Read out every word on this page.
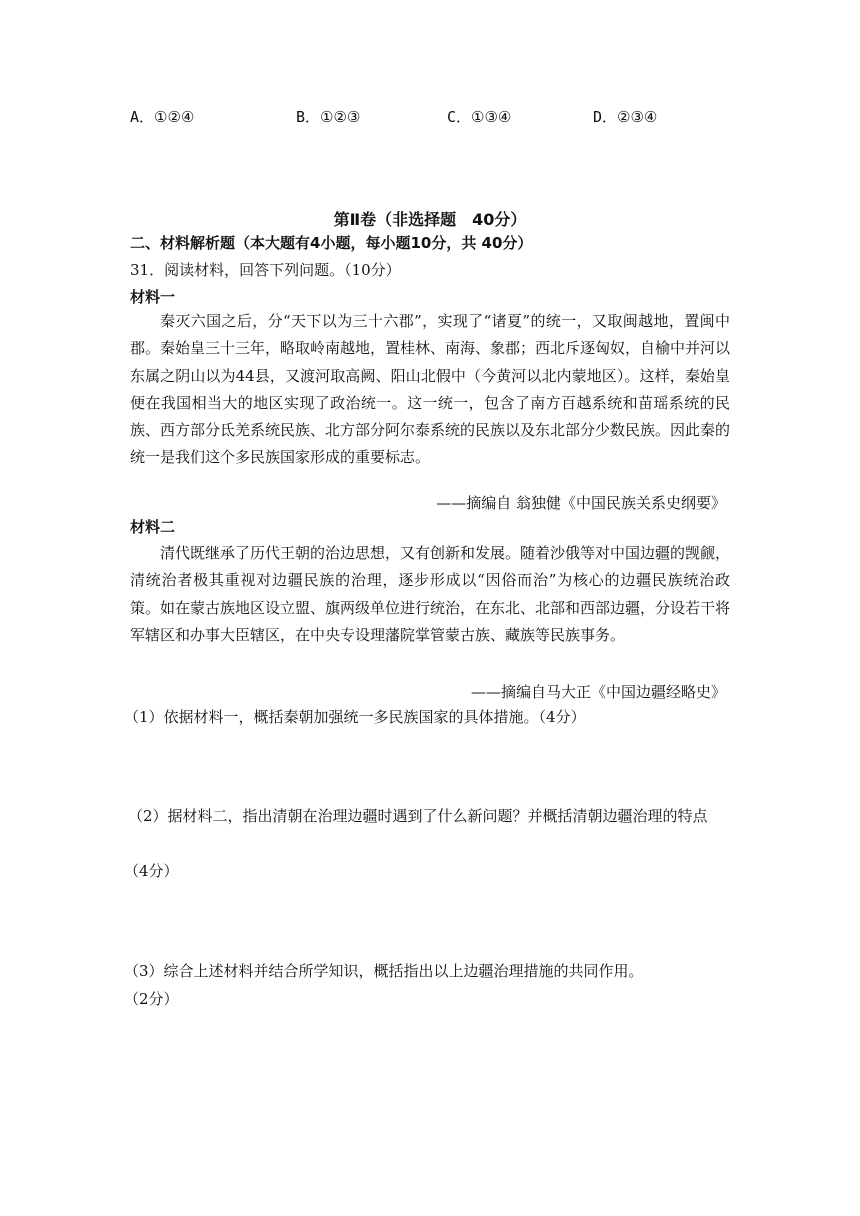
A．①②④	B．①②③	C．①③④	D．②③④
第Ⅱ卷（非选择题　40分）
二、材料解析题（本大题有4小题，每小题10分，共 40分）
31．阅读材料，回答下列问题。（10分）
材料一

秦灭六国之后，分“天下以为三十六郡”，实现了“诸夏”的统一，又取闽越地，置闽中郡。秦始皇三十三年，略取岭南越地，置桂林、南海、象郡；西北斥逐匈奴，自榆中并河以东属之阴山以为44县，又渡河取高阙、阳山北假中（今黄河以北内蒙地区）。这样，秦始皇便在我国相当大的地区实现了政治统一。这一统一，包含了南方百越系统和苗瑶系统的民族、西方部分氐羌系统民族、北方部分阿尔泰系统的民族以及东北部分少数民族。因此秦的统一是我们这个多民族国家形成的重要标志。

——摘编自 翁独健《中国民族关系史纲要》
材料二

清代既继承了历代王朝的治边思想，又有创新和发展。随着沙俄等对中国边疆的觊觎，清统治者极其重视对边疆民族的治理，逐步形成以“因俗而治”为核心的边疆民族统治政策。如在蒙古族地区设立盟、旗两级单位进行统治，在东北、北部和西部边疆，分设若干将军辖区和办事大臣辖区，在中央专设理藩院掌管蒙古族、藏族等民族事务。

——摘编自马大正《中国边疆经略史》

（1）依据材料一，概括秦朝加强统一多民族国家的具体措施。（4分）

（2）据材料二，指出清朝在治理边疆时遇到了什么新问题？并概括清朝边疆治理的特点
（4分）
（3）综合上述材料并结合所学知识，概括指出以上边疆治理措施的共同作用。
（2分）
